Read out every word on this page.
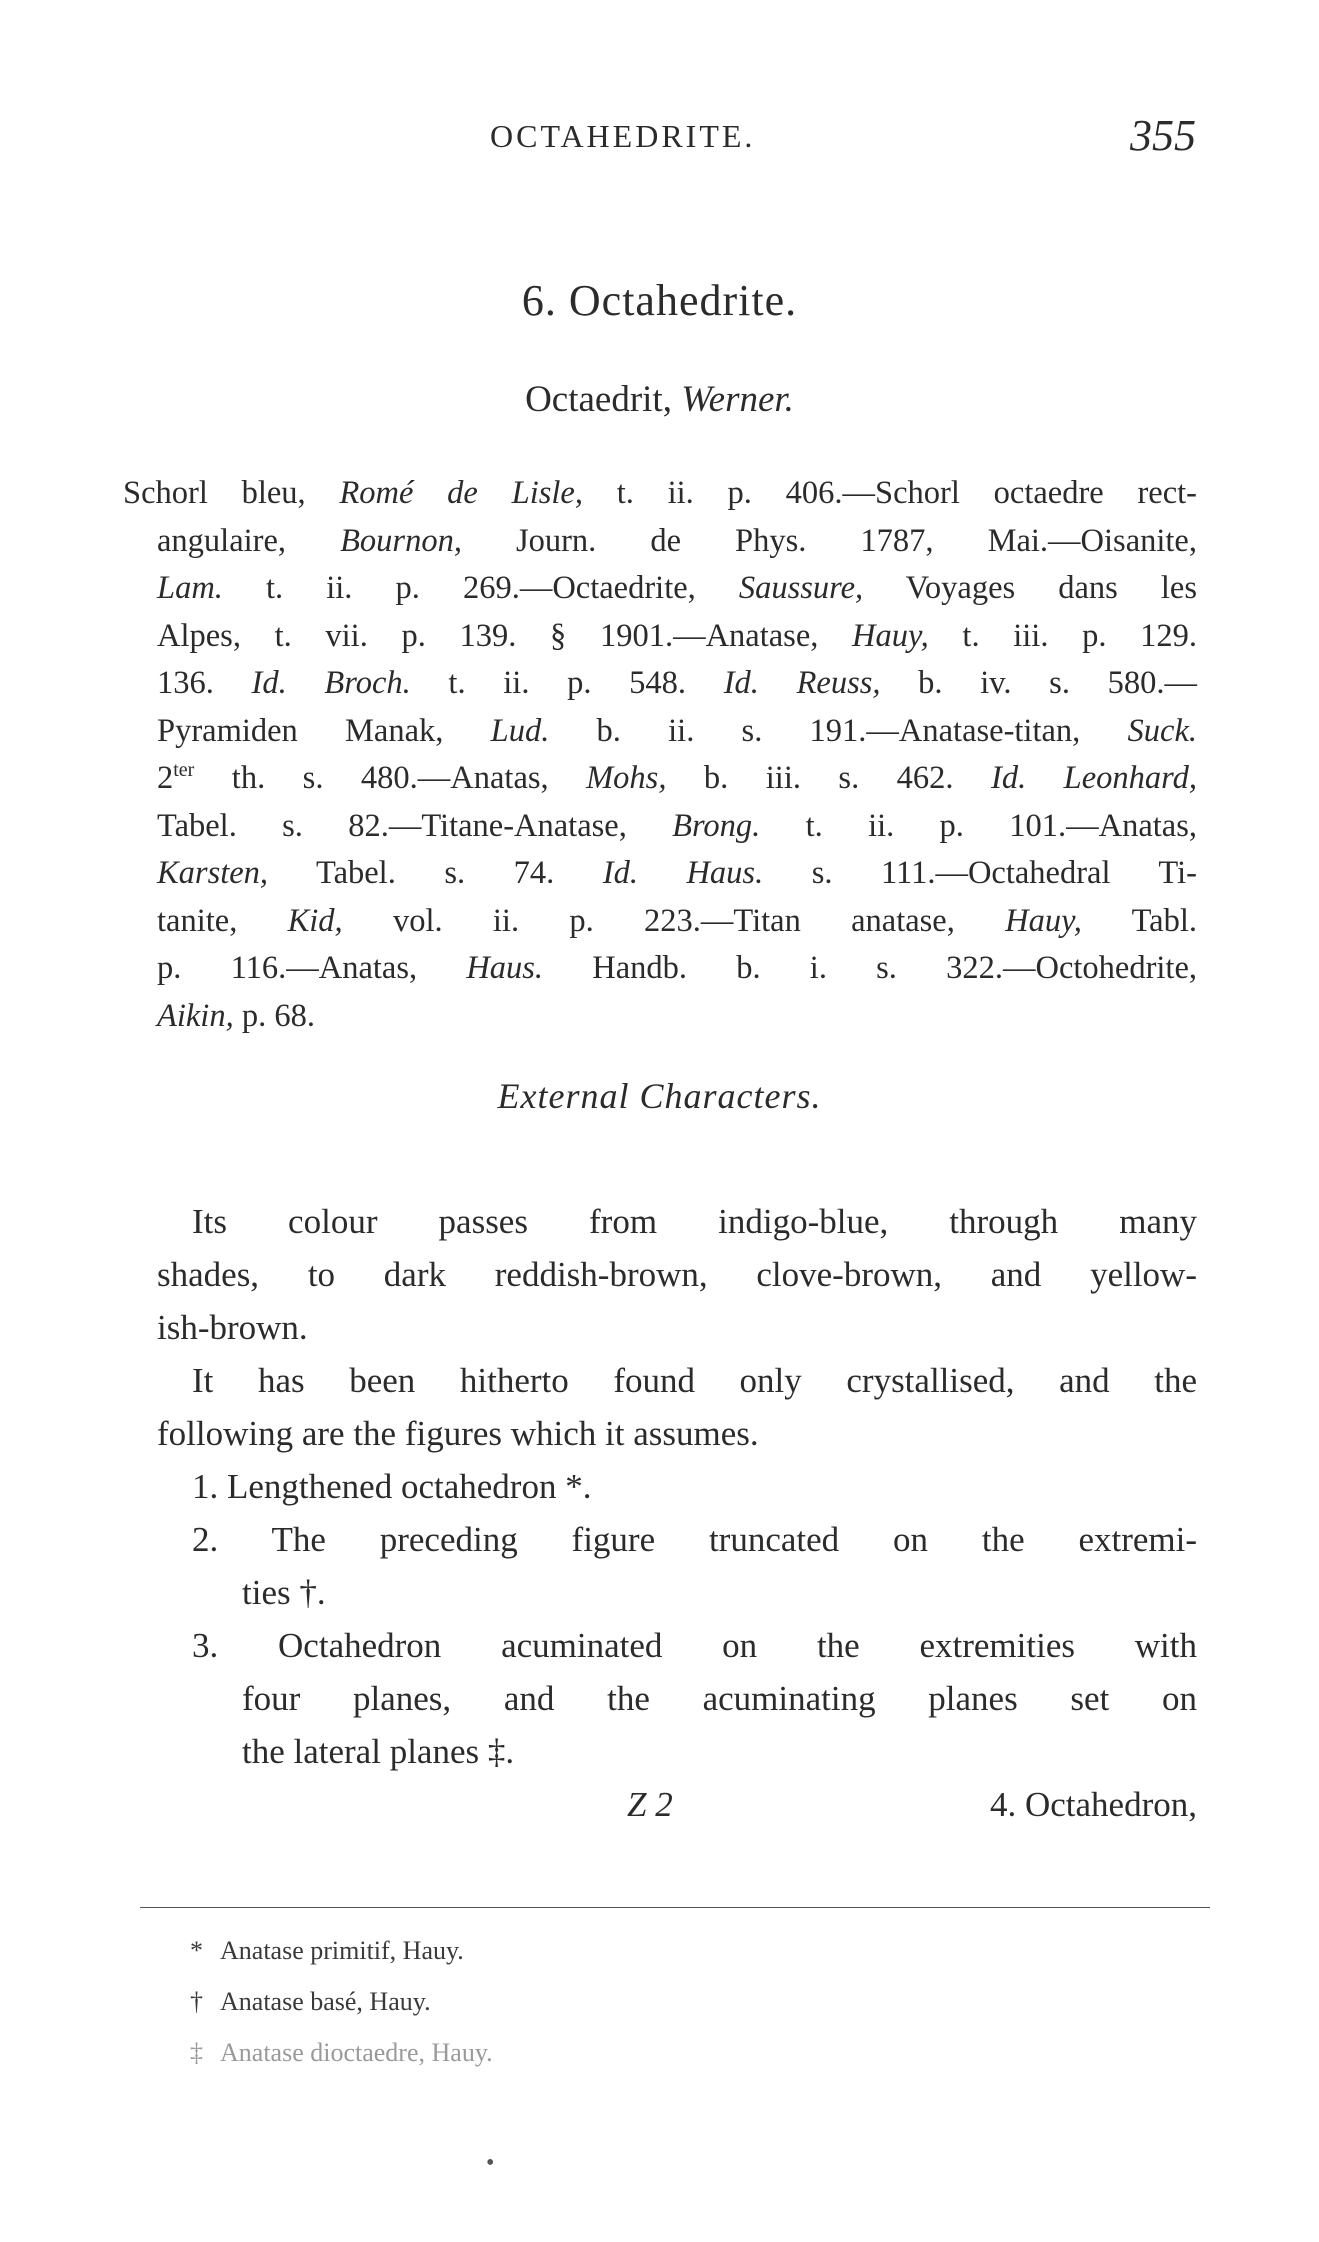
OCTAHEDRITE.	355
6. Octahedrite.
Octaedrit, Werner.
Schorl bleu, Romé de Lisle, t. ii. p. 406.—Schorl octaedre rect-
angulaire, Bournon, Journ. de Phys. 1787, Mai.—Oisanite,
Lam. t. ii. p. 269.—Octaedrite, Saussure, Voyages dans les
Alpes, t. vii. p. 139. § 1901.—Anatase, Hauy, t. iii. p. 129.
136. Id. Broch. t. ii. p. 548. Id. Reuss, b. iv. s. 580.—
Pyramiden Manak, Lud. b. ii. s. 191.—Anatase-titan, Suck.
$2^{ter}$ th. s. 480.—Anatas, Mohs, b. iii. s. 462. Id. Leonhard,
Tabel. s. 82.—Titane-Anatase, Brong. t. ii. p. 101.—Anatas,
Karsten, Tabel. s. 74. Id. Haus. s. 111.—Octahedral Ti-
tanite, Kid, vol. ii. p. 223.—Titan anatase, Hauy, Tabl.
p. 116.—Anatas, Haus. Handb. b. i. s. 322.—Octohedrite,
Aikin, p. 68.
External Characters.
Its colour passes from indigo-blue, through many
shades, to dark reddish-brown, clove-brown, and yellow-
ish-brown.
It has been hitherto found only crystallised, and the
following are the figures which it assumes.
1. Lengthened octahedron *.
2. The preceding figure truncated on the extremi-
ties †.
3. Octahedron acuminated on the extremities with
four planes, and the acuminating planes set on
the lateral planes ‡.
Z 2	4. Octahedron,
* Anatase primitif, Hauy.
† Anatase basé, Hauy.
‡ Anatase dioctaedre, Hauy.
•
